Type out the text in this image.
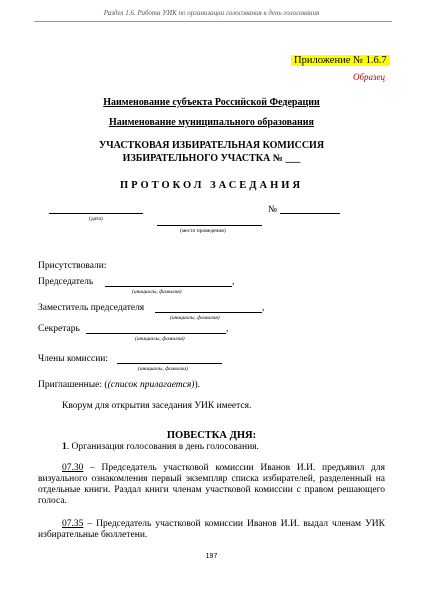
Раздел 1.6. Работа УИК по организации голосования в день голосования
Приложение № 1.6.7
Образец
Наименование субъекта Российской Федерации
Наименование муниципального образования
УЧАСТКОВАЯ ИЗБИРАТЕЛЬНАЯ КОМИССИЯ
ИЗБИРАТЕЛЬНОГО УЧАСТКА № ___
ПРОТОКОЛ ЗАСЕДАНИЯ
(дата)
№
(место проведения)
Присутствовали:
Председатель	,
(инициалы, фамилия)
Заместитель председателя	,
(инициалы, фамилия)
Секретарь	,
(инициалы, фамилия)
Члены комиссии:
(инициалы, фамилии)
Приглашенные: ((список прилагается)).
Кворум для открытия заседания УИК имеется.
ПОВЕСТКА ДНЯ:
1. Организация голосования в день голосования.
07.30 – Председатель участковой комиссии Иванов И.И. предъявил для визуального ознакомления первый экземпляр списка избирателей, разделенный на отдельные книги. Раздал книги членам участковой комиссии с правом решающего голоса.
07.35 – Председатель участковой комиссии Иванов И.И. выдал членам УИК избирательные бюллетени.
197
